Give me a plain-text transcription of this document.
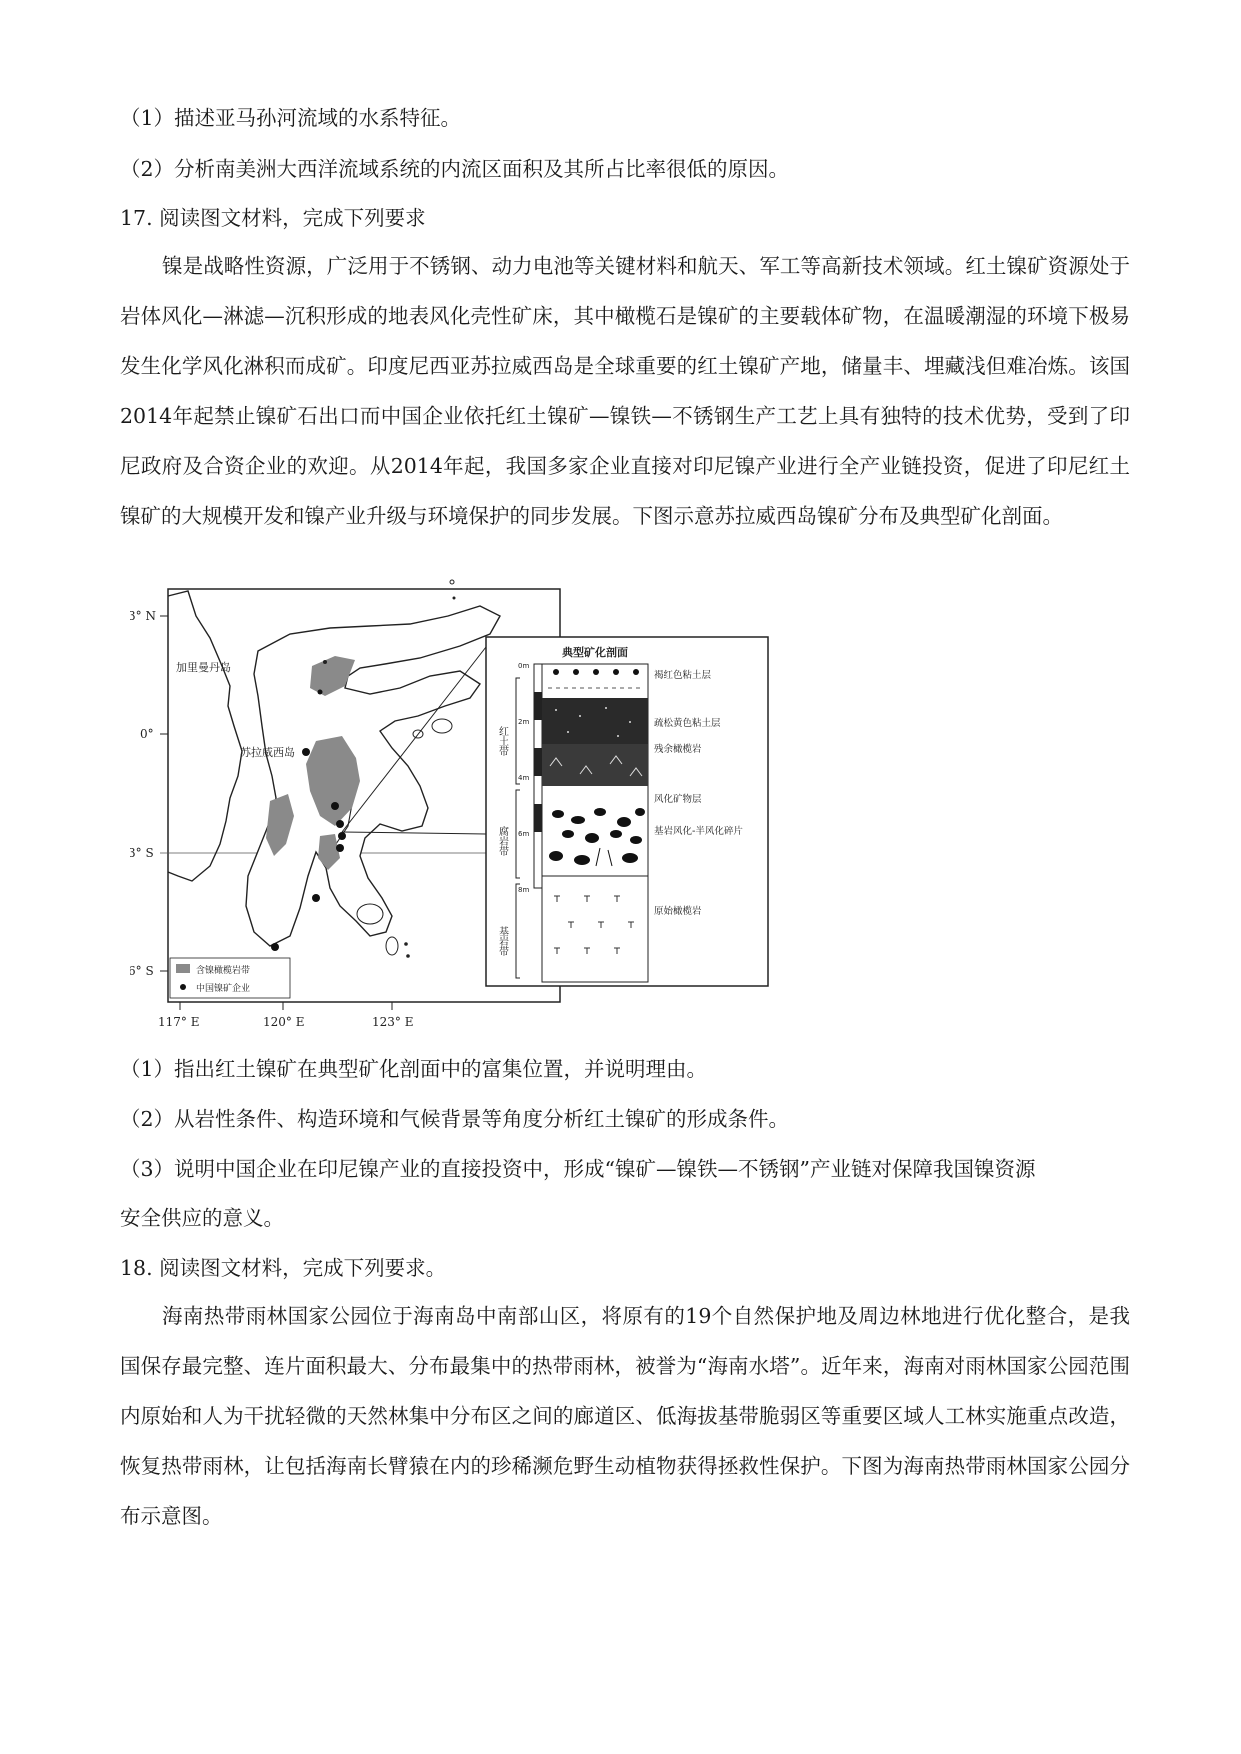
（1）描述亚马孙河流域的水系特征。
（2）分析南美洲大西洋流域系统的内流区面积及其所占比率很低的原因。
17. 阅读图文材料，完成下列要求
镍是战略性资源，广泛用于不锈钢、动力电池等关键材料和航天、军工等高新技术领域。红土镍矿资源处于岩体风化—淋滤—沉积形成的地表风化壳性矿床，其中橄榄石是镍矿的主要载体矿物，在温暖潮湿的环境下极易发生化学风化淋积而成矿。印度尼西亚苏拉威西岛是全球重要的红土镍矿产地，储量丰、埋藏浅但难冶炼。该国2014年起禁止镍矿石出口而中国企业依托红土镍矿—镍铁—不锈钢生产工艺上具有独特的技术优势，受到了印尼政府及合资企业的欢迎。从2014年起，我国多家企业直接对印尼镍产业进行全产业链投资，促进了印尼红土镍矿的大规模开发和镍产业升级与环境保护的同步发展。下图示意苏拉威西岛镍矿分布及典型矿化剖面。
3° N
0°
3° S
6° S
117° E	120° E	123° E
加里曼丹岛
苏拉威西岛
含镍橄榄岩带
中国镍矿企业
典型矿化剖面
0m
2m
4m
6m
8m
红土带
腐岩带
基岩带
褐红色粘土层
疏松黄色粘土层
残余橄榄岩
风化矿物层
基岩风化-半风化碎片
原始橄榄岩
（1）指出红土镍矿在典型矿化剖面中的富集位置，并说明理由。
（2）从岩性条件、构造环境和气候背景等角度分析红土镍矿的形成条件。
（3）说明中国企业在印尼镍产业的直接投资中，形成“镍矿—镍铁—不锈钢”产业链对保障我国镍资源
安全供应的意义。
18. 阅读图文材料，完成下列要求。
海南热带雨林国家公园位于海南岛中南部山区，将原有的19个自然保护地及周边林地进行优化整合，是我国保存最完整、连片面积最大、分布最集中的热带雨林，被誉为“海南水塔”。近年来，海南对雨林国家公园范围内原始和人为干扰轻微的天然林集中分布区之间的廊道区、低海拔基带脆弱区等重要区域人工林实施重点改造，恢复热带雨林，让包括海南长臂猿在内的珍稀濒危野生动植物获得拯救性保护。下图为海南热带雨林国家公园分布示意图。
